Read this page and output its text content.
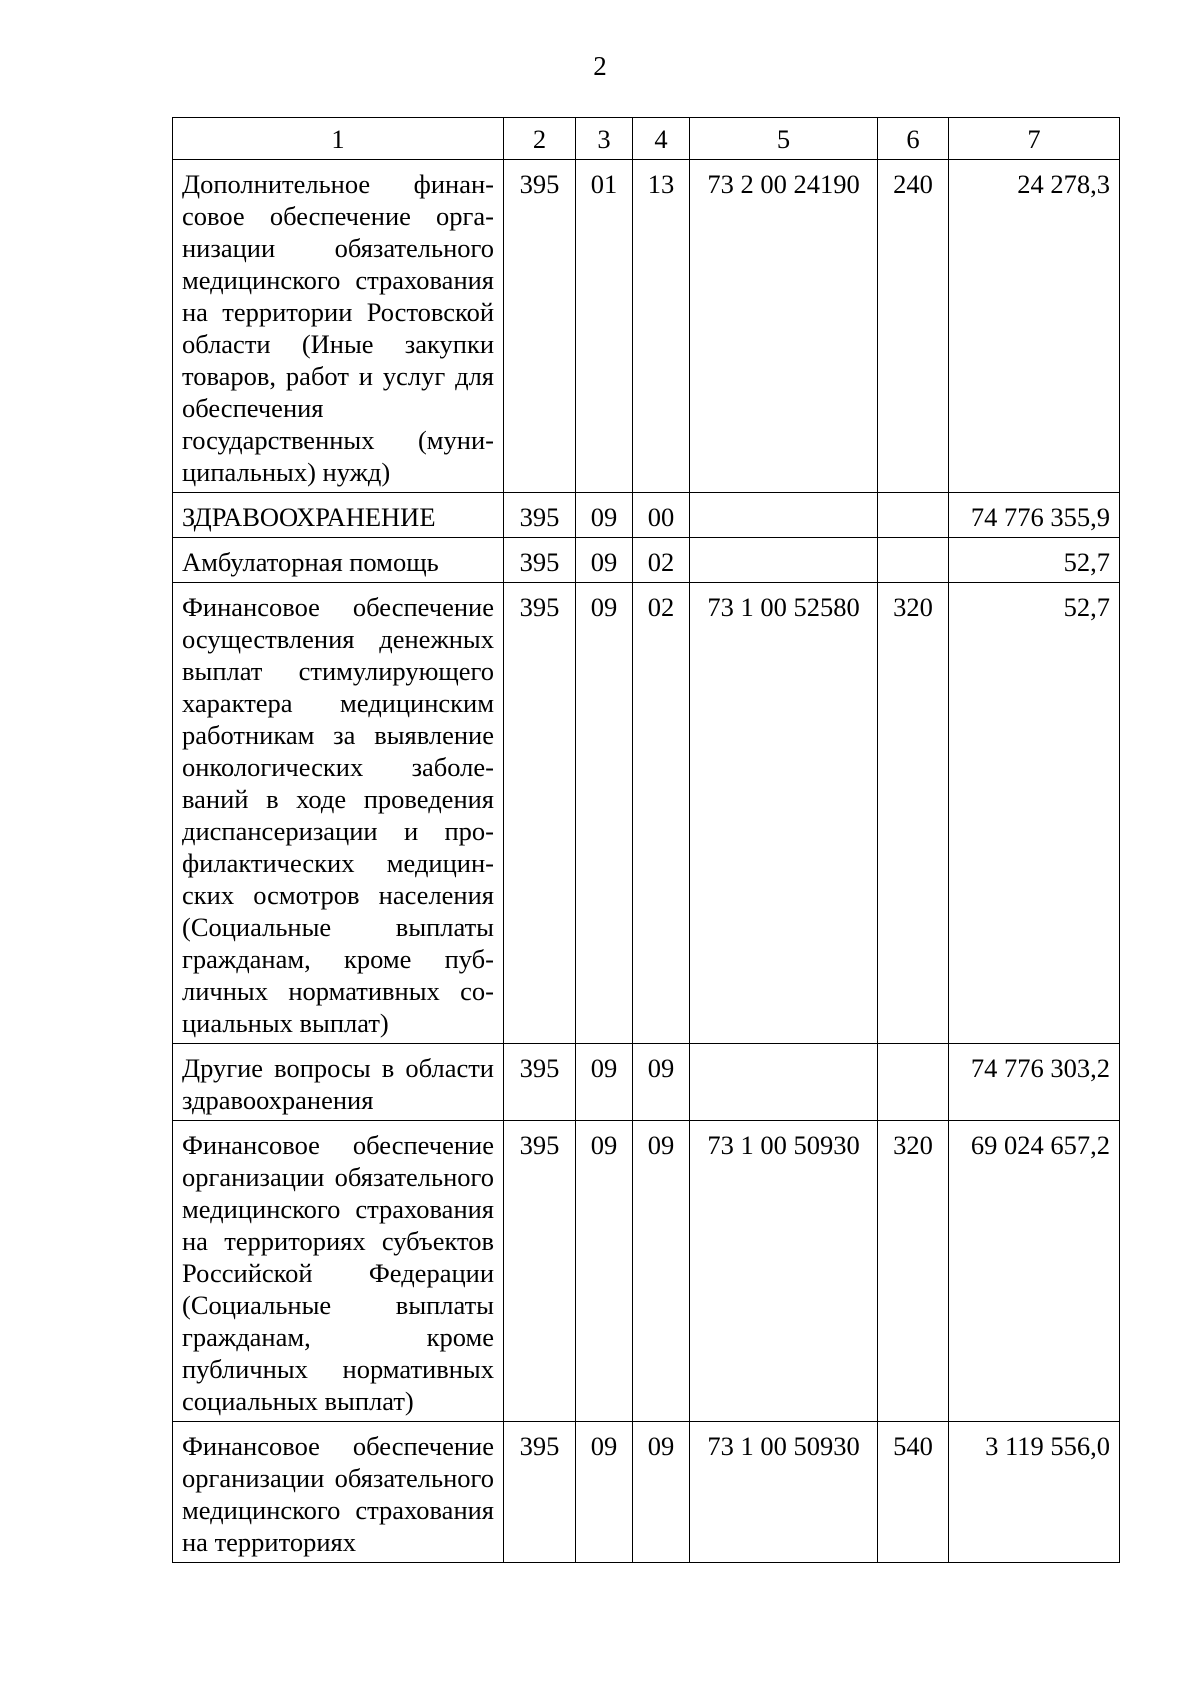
2
1	2	3	4	5	6	7
Дополнительное финансовое обеспечение организации обязательного медицинского страхования на территории Ростовской области (Иные закупки товаров, работ и услуг для обеспечения государственных (муниципальных) нужд)	395	01	13	73 2 00 24190	240	24 278,3
ЗДРАВООХРАНЕНИЕ	395	09	00			74 776 355,9
Амбулаторная помощь	395	09	02			52,7
Финансовое обеспечение осуществления денежных выплат стимулирующего характера медицинским работникам за выявление онкологических заболеваний в ходе проведения диспансеризации и профилактических медицинских осмотров населения (Социальные выплаты гражданам, кроме публичных нормативных социальных выплат)	395	09	02	73 1 00 52580	320	52,7
Другие вопросы в области здравоохранения	395	09	09			74 776 303,2
Финансовое обеспечение организации обязательного медицинского страхования на территориях субъектов Российской Федерации (Социальные выплаты гражданам, кроме публичных нормативных социальных выплат)	395	09	09	73 1 00 50930	320	69 024 657,2
Финансовое обеспечение организации обязательного медицинского страхования на территориях	395	09	09	73 1 00 50930	540	3 119 556,0
